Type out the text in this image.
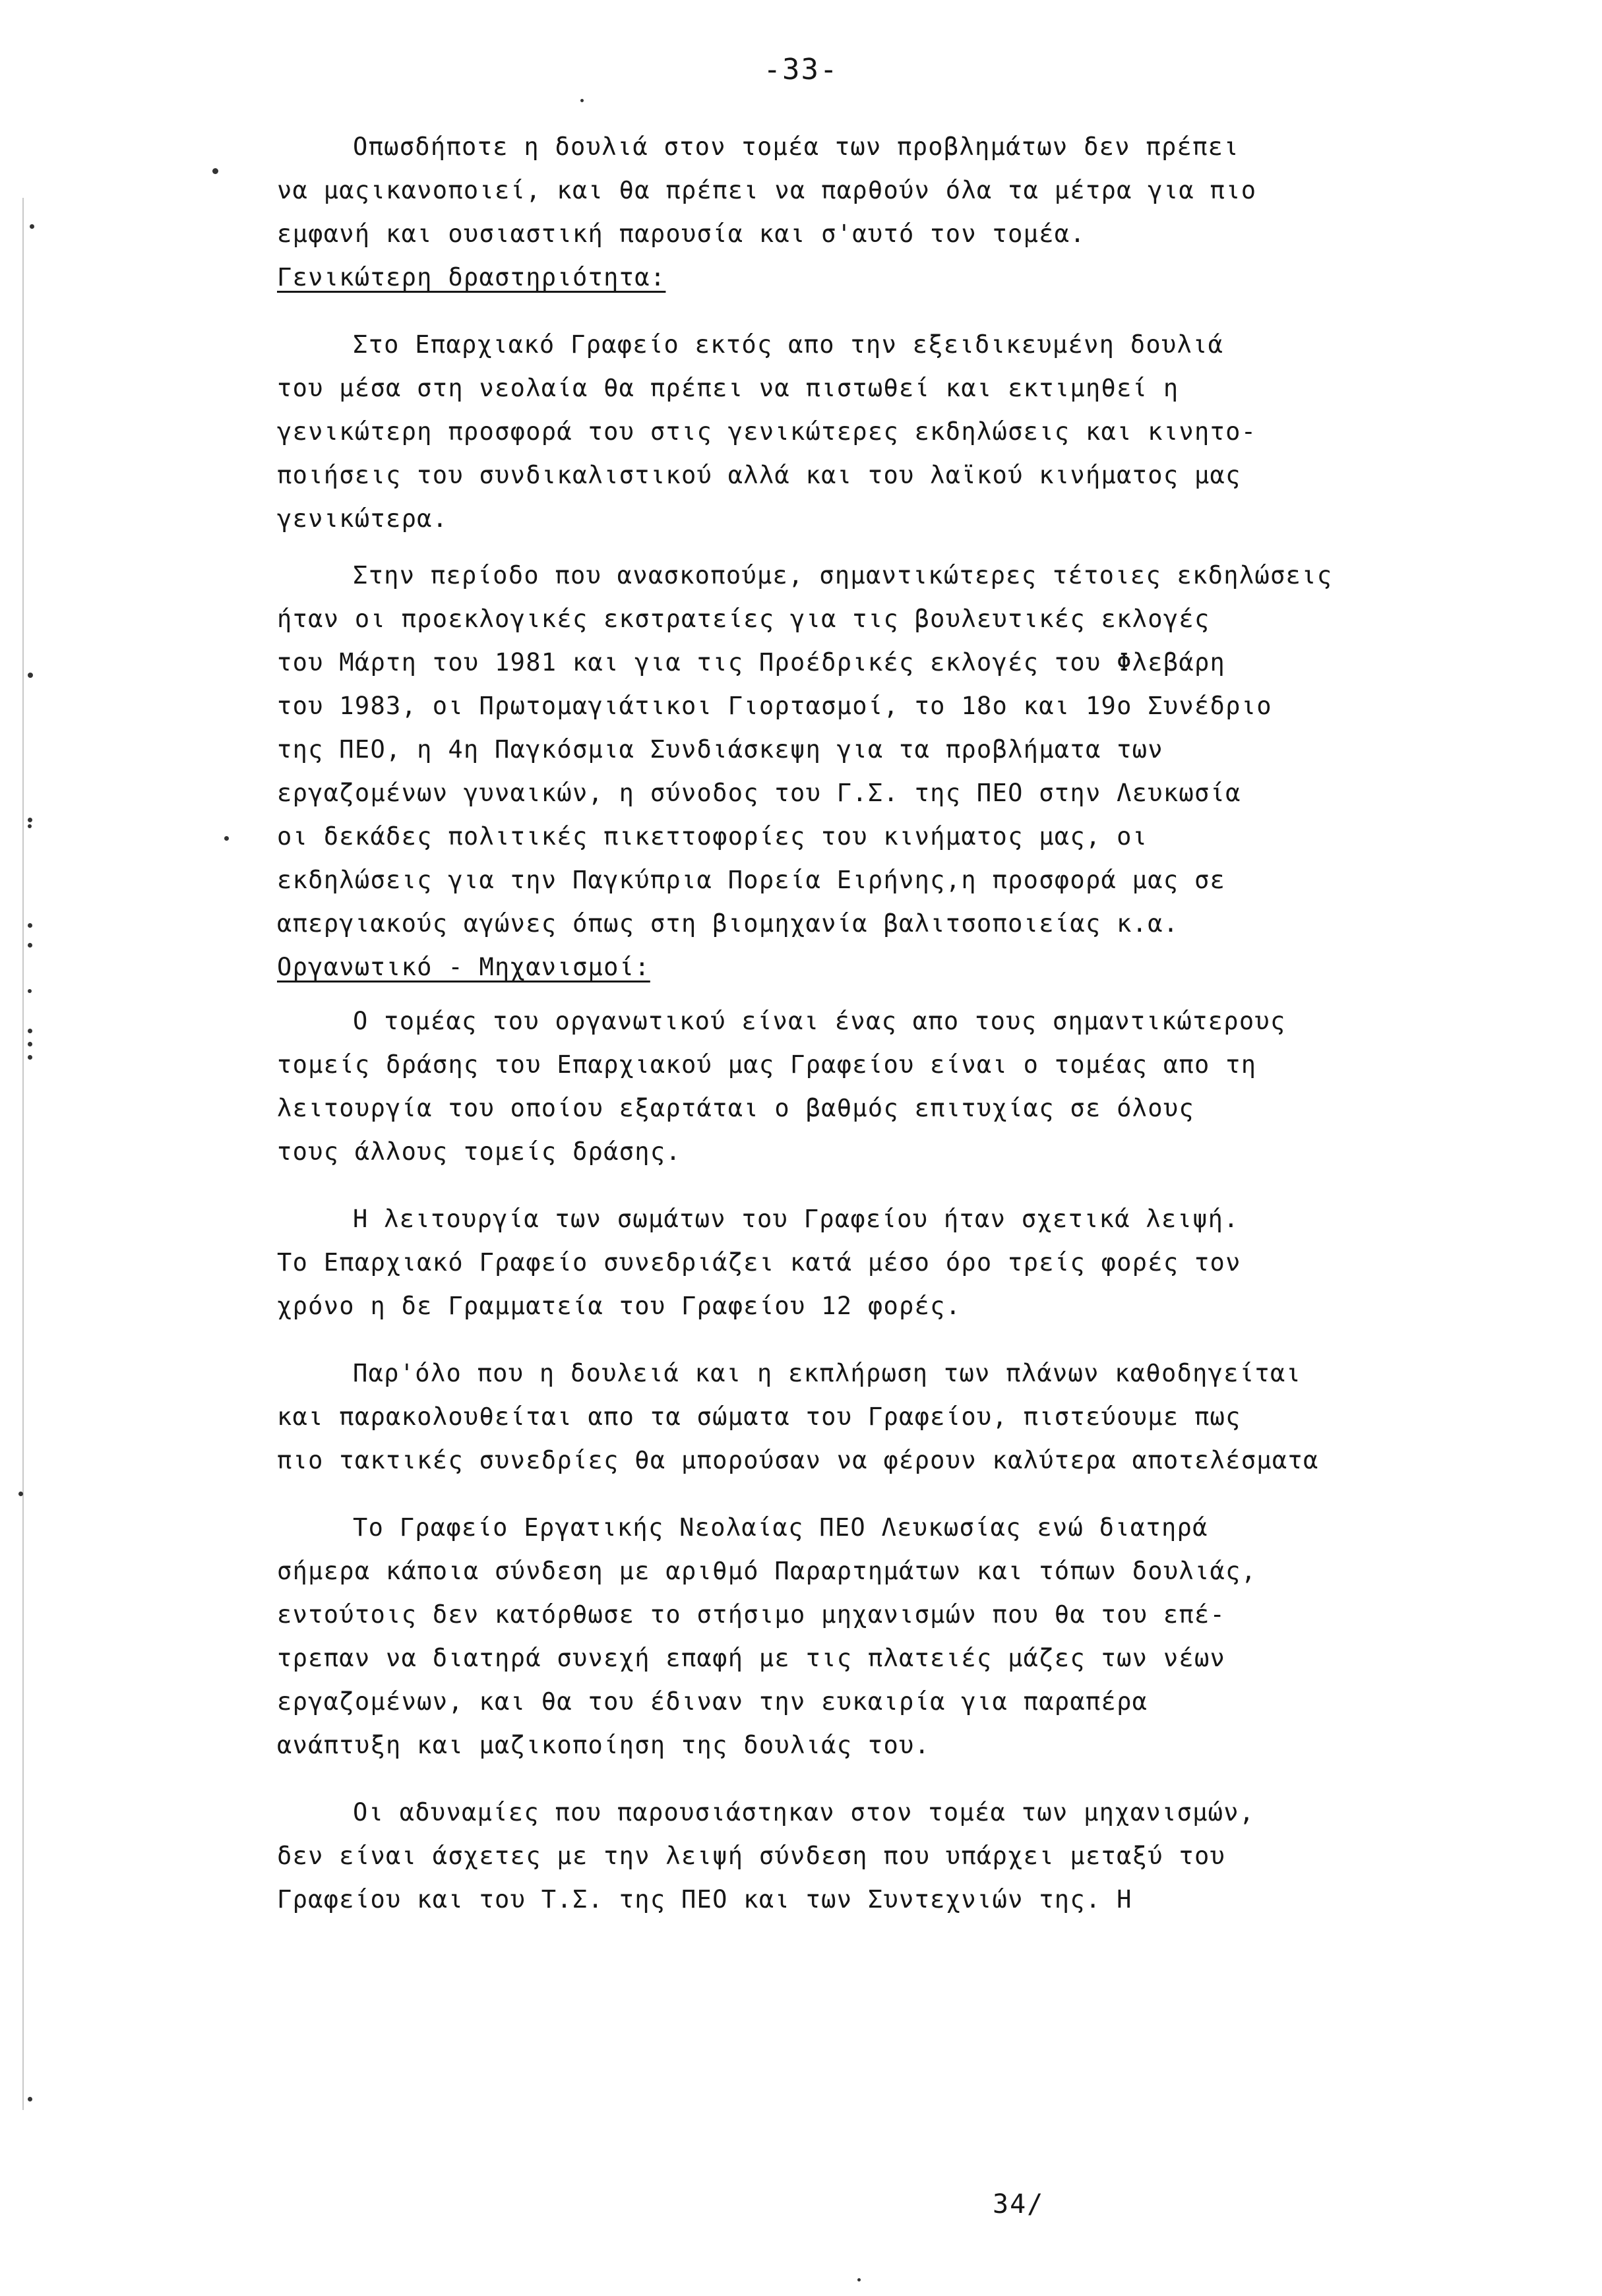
-33-
Οπωσδήποτε η δουλιά στον τομέα των προβλημάτων δεν πρέπει
να μαςικανοποιεί, και θα πρέπει να παρθούν όλα τα μέτρα για πιο
εμφανή και ουσιαστική παρουσία και σ'αυτό τον τομέα.
Γενικώτερη δραστηριότητα:
Στο Επαρχιακό Γραφείο εκτός απο την εξειδικευμένη δουλιά
του μέσα στη νεολαία θα πρέπει να πιστωθεί και εκτιμηθεί η
γενικώτερη προσφορά του στις γενικώτερες εκδηλώσεις και κινητο-
ποιήσεις του συνδικαλιστικού αλλά και του λαϊκού κινήματος μας
γενικώτερα.
Στην περίοδο που ανασκοπούμε, σημαντικώτερες τέτοιες εκδηλώσεις
ήταν οι προεκλογικές εκστρατείες για τις βουλευτικές εκλογές
του Μάρτη του 1981 και για τις Προέδρικές εκλογές του Φλεβάρη
του 1983, οι Πρωτομαγιάτικοι Γιορτασμοί, το 18ο και 19ο Συνέδριο
της ΠΕΟ, η 4η Παγκόσμια Συνδιάσκεψη για τα προβλήματα των
εργαζομένων γυναικών, η σύνοδος του Γ.Σ. της ΠΕΟ στην Λευκωσία
οι δεκάδες πολιτικές πικεττοφορίες του κινήματος μας, οι
εκδηλώσεις για την Παγκύπρια Πορεία Ειρήνης,η προσφορά μας σε
απεργιακούς αγώνες όπως στη βιομηχανία βαλιτσοποιείας κ.α.
Οργανωτικό - Μηχανισμοί:
Ο τομέας του οργανωτικού είναι ένας απο τους σημαντικώτερους
τομείς δράσης του Επαρχιακού μας Γραφείου είναι ο τομέας απο τη
λειτουργία του οποίου εξαρτάται ο βαθμός επιτυχίας σε όλους
τους άλλους τομείς δράσης.
Η λειτουργία των σωμάτων του Γραφείου ήταν σχετικά λειψή.
Το Επαρχιακό Γραφείο συνεδριάζει κατά μέσο όρο τρείς φορές τον
χρόνο η δε Γραμματεία του Γραφείου 12 φορές.
Παρ'όλο που η δουλειά και η εκπλήρωση των πλάνων καθοδηγείται
και παρακολουθείται απο τα σώματα του Γραφείου, πιστεύουμε πως
πιο τακτικές συνεδρίες θα μπορούσαν να φέρουν καλύτερα αποτελέσματα
Το Γραφείο Εργατικής Νεολαίας ΠΕΟ Λευκωσίας ενώ διατηρά
σήμερα κάποια σύνδεση με αριθμό Παραρτημάτων και τόπων δουλιάς,
εντούτοις δεν κατόρθωσε το στήσιμο μηχανισμών που θα του επέ-
τρεπαν να διατηρά συνεχή επαφή με τις πλατειές μάζες των νέων
εργαζομένων, και θα του έδιναν την ευκαιρία για παραπέρα
ανάπτυξη και μαζικοποίηση της δουλιάς του.
Οι αδυναμίες που παρουσιάστηκαν στον τομέα των μηχανισμών,
δεν είναι άσχετες με την λειψή σύνδεση που υπάρχει μεταξύ του
Γραφείου και του Τ.Σ. της ΠΕΟ και των Συντεχνιών της. Η
34/
